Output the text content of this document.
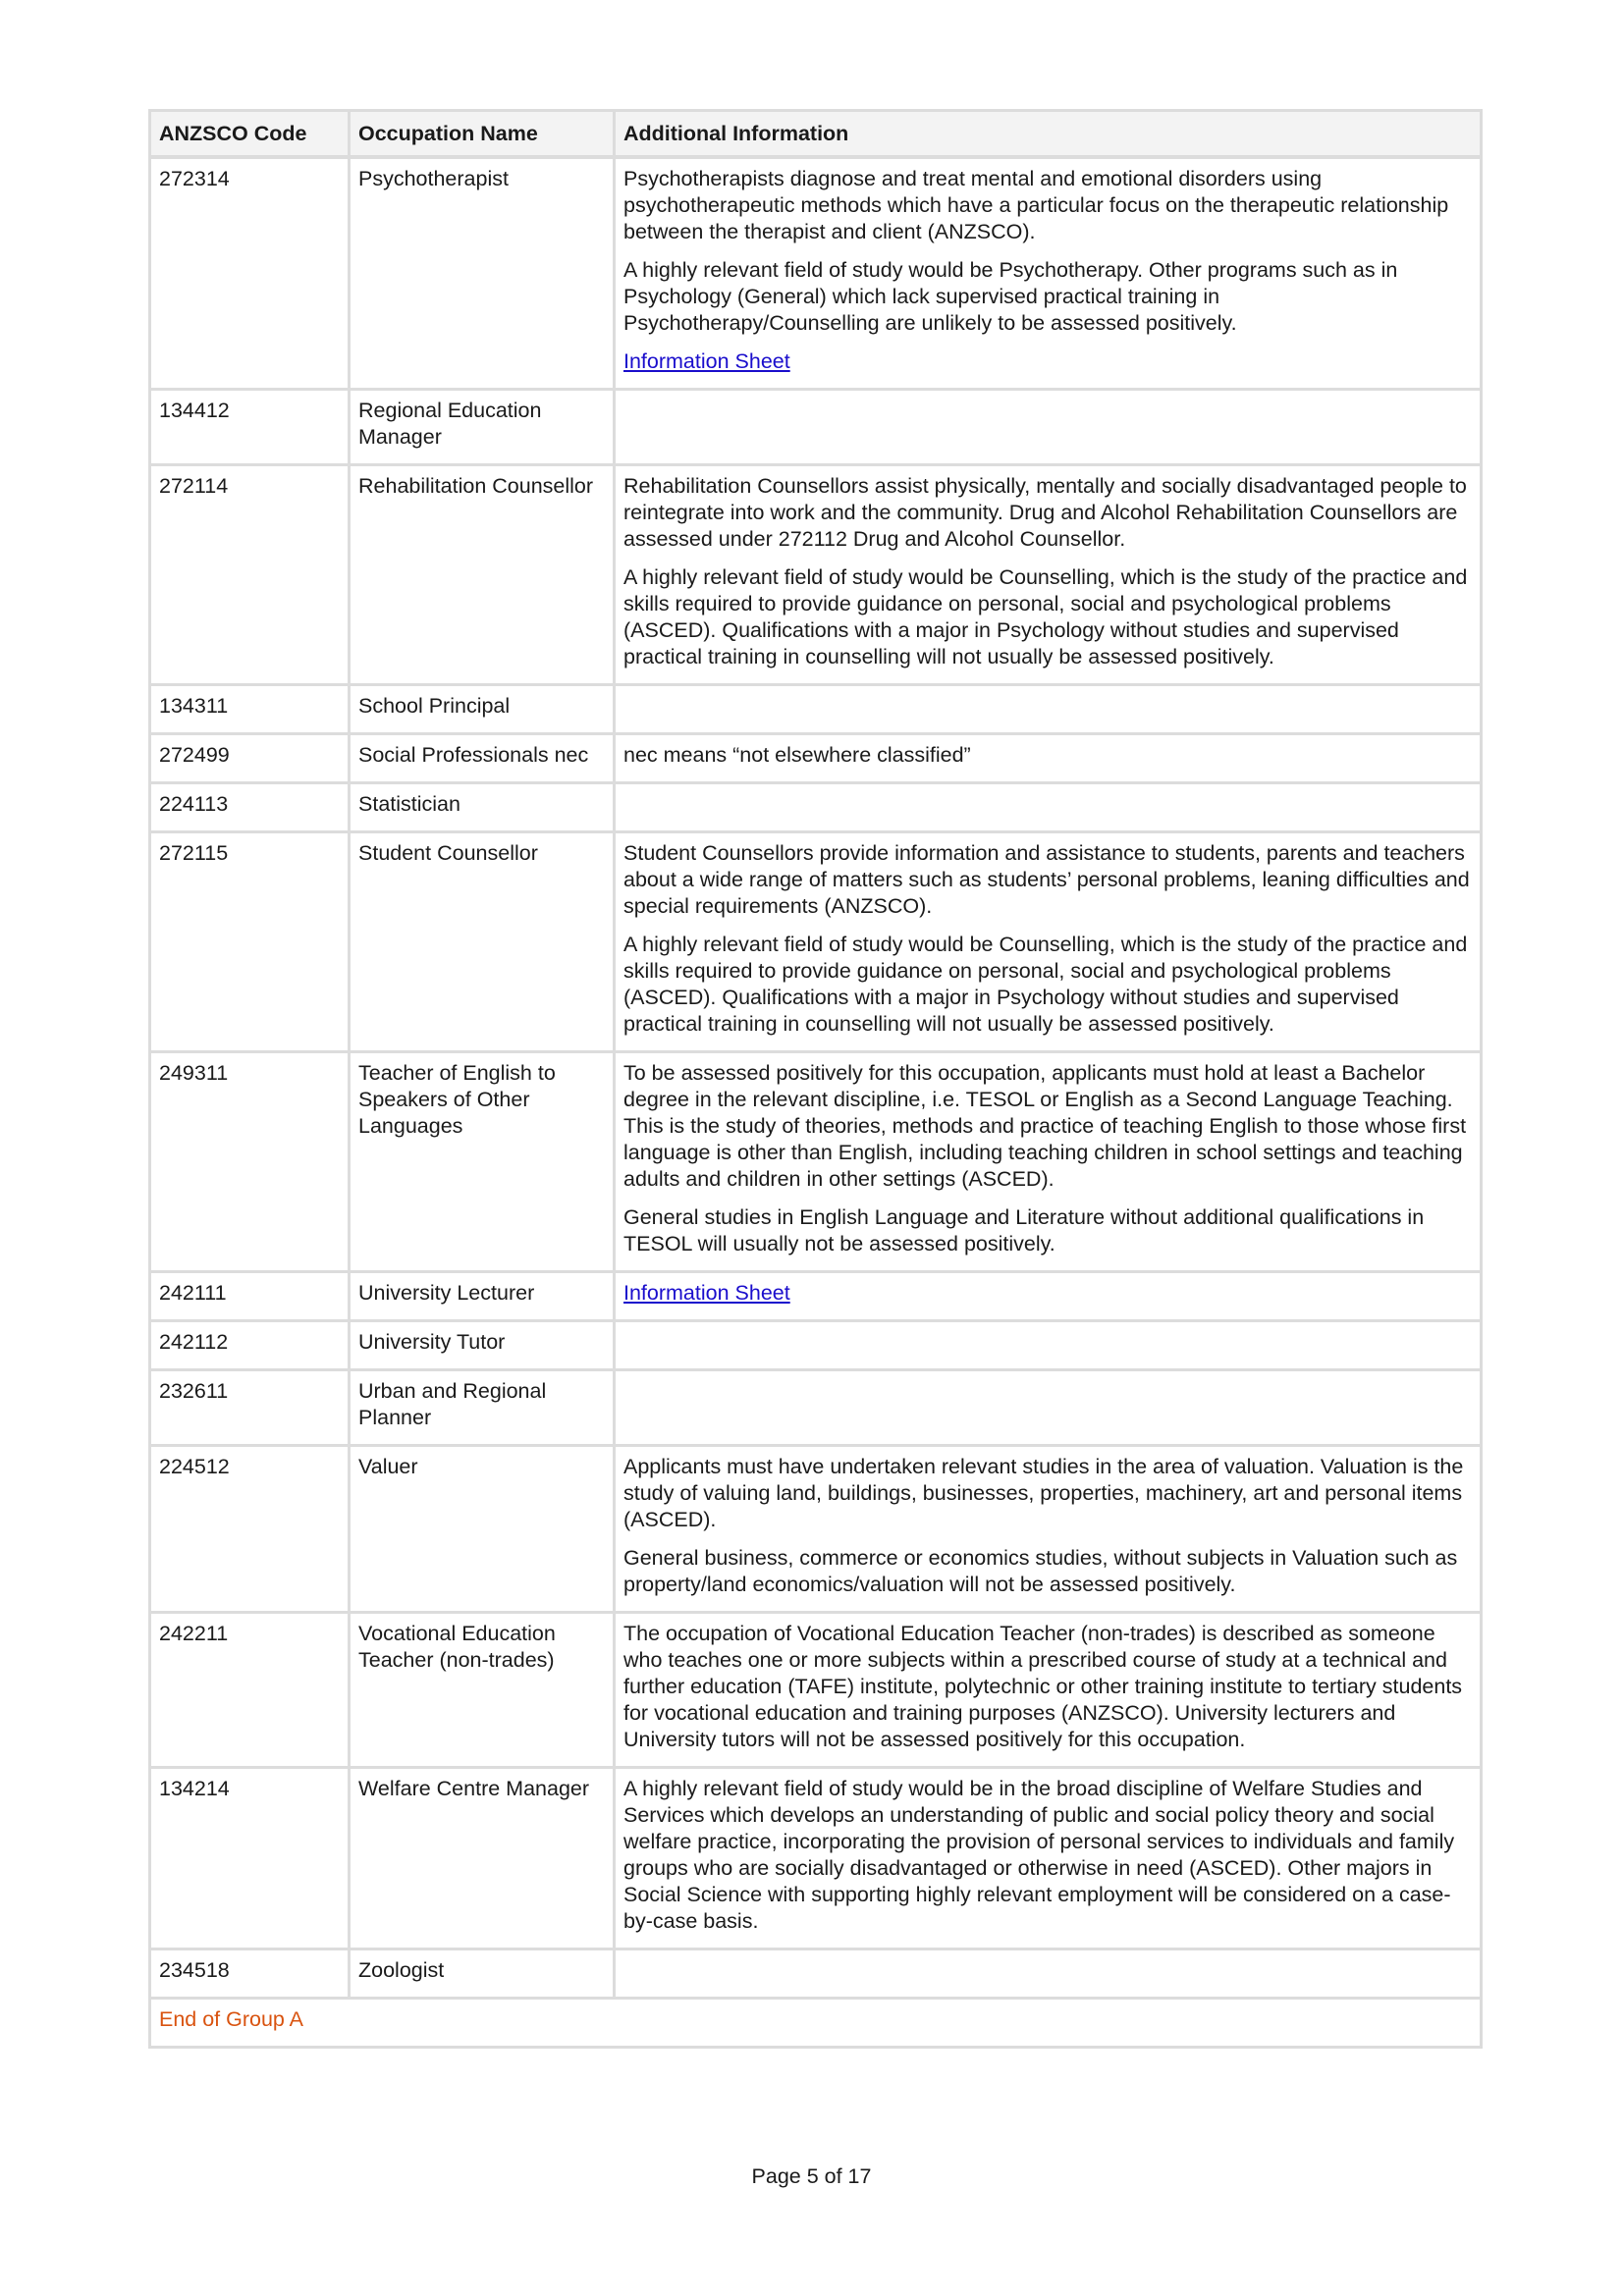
ANZSCO Code	Occupation Name	Additional Information
272314	Psychotherapist	Psychotherapists diagnose and treat mental and emotional disorders using psychotherapeutic methods which have a particular focus on the therapeutic relationship between the therapist and client (ANZSCO).

A highly relevant field of study would be Psychotherapy. Other programs such as in Psychology (General) which lack supervised practical training in Psychotherapy/Counselling are unlikely to be assessed positively.

Information Sheet

134412	Regional Education Manager	
272114	Rehabilitation Counsellor	Rehabilitation Counsellors assist physically, mentally and socially disadvantaged people to reintegrate into work and the community. Drug and Alcohol Rehabilitation Counsellors are assessed under 272112 Drug and Alcohol Counsellor.

A highly relevant field of study would be Counselling, which is the study of the practice and skills required to provide guidance on personal, social and psychological problems (ASCED). Qualifications with a major in Psychology without studies and supervised practical training in counselling will not usually be assessed positively.

134311	School Principal	
272499	Social Professionals nec	nec means “not elsewhere classified”

224113	Statistician	
272115	Student Counsellor	Student Counsellors provide information and assistance to students, parents and teachers about a wide range of matters such as students’ personal problems, leaning difficulties and special requirements (ANZSCO).

A highly relevant field of study would be Counselling, which is the study of the practice and skills required to provide guidance on personal, social and psychological problems (ASCED). Qualifications with a major in Psychology without studies and supervised practical training in counselling will not usually be assessed positively.

249311	Teacher of English to Speakers of Other Languages	To be assessed positively for this occupation, applicants must hold at least a Bachelor degree in the relevant discipline, i.e. TESOL or English as a Second Language Teaching. This is the study of theories, methods and practice of teaching English to those whose first language is other than English, including teaching children in school settings and teaching adults and children in other settings (ASCED).

General studies in English Language and Literature without additional qualifications in TESOL will usually not be assessed positively.

242111	University Lecturer	Information Sheet

242112	University Tutor	
232611	Urban and Regional Planner	
224512	Valuer	Applicants must have undertaken relevant studies in the area of valuation. Valuation is the study of valuing land, buildings, businesses, properties, machinery, art and personal items (ASCED).

General business, commerce or economics studies, without subjects in Valuation such as property/land economics/valuation will not be assessed positively.

242211	Vocational Education Teacher (non-trades)	The occupation of Vocational Education Teacher (non-trades) is described as someone who teaches one or more subjects within a prescribed course of study at a technical and further education (TAFE) institute, polytechnic or other training institute to tertiary students for vocational education and training purposes (ANZSCO). University lecturers and University tutors will not be assessed positively for this occupation.

134214	Welfare Centre Manager	A highly relevant field of study would be in the broad discipline of Welfare Studies and Services which develops an understanding of public and social policy theory and social welfare practice, incorporating the provision of personal services to individuals and family groups who are socially disadvantaged or otherwise in need (ASCED). Other majors in Social Science with supporting highly relevant employment will be considered on a case-by-case basis.

234518	Zoologist	
End of Group A		
Page 5 of 17
